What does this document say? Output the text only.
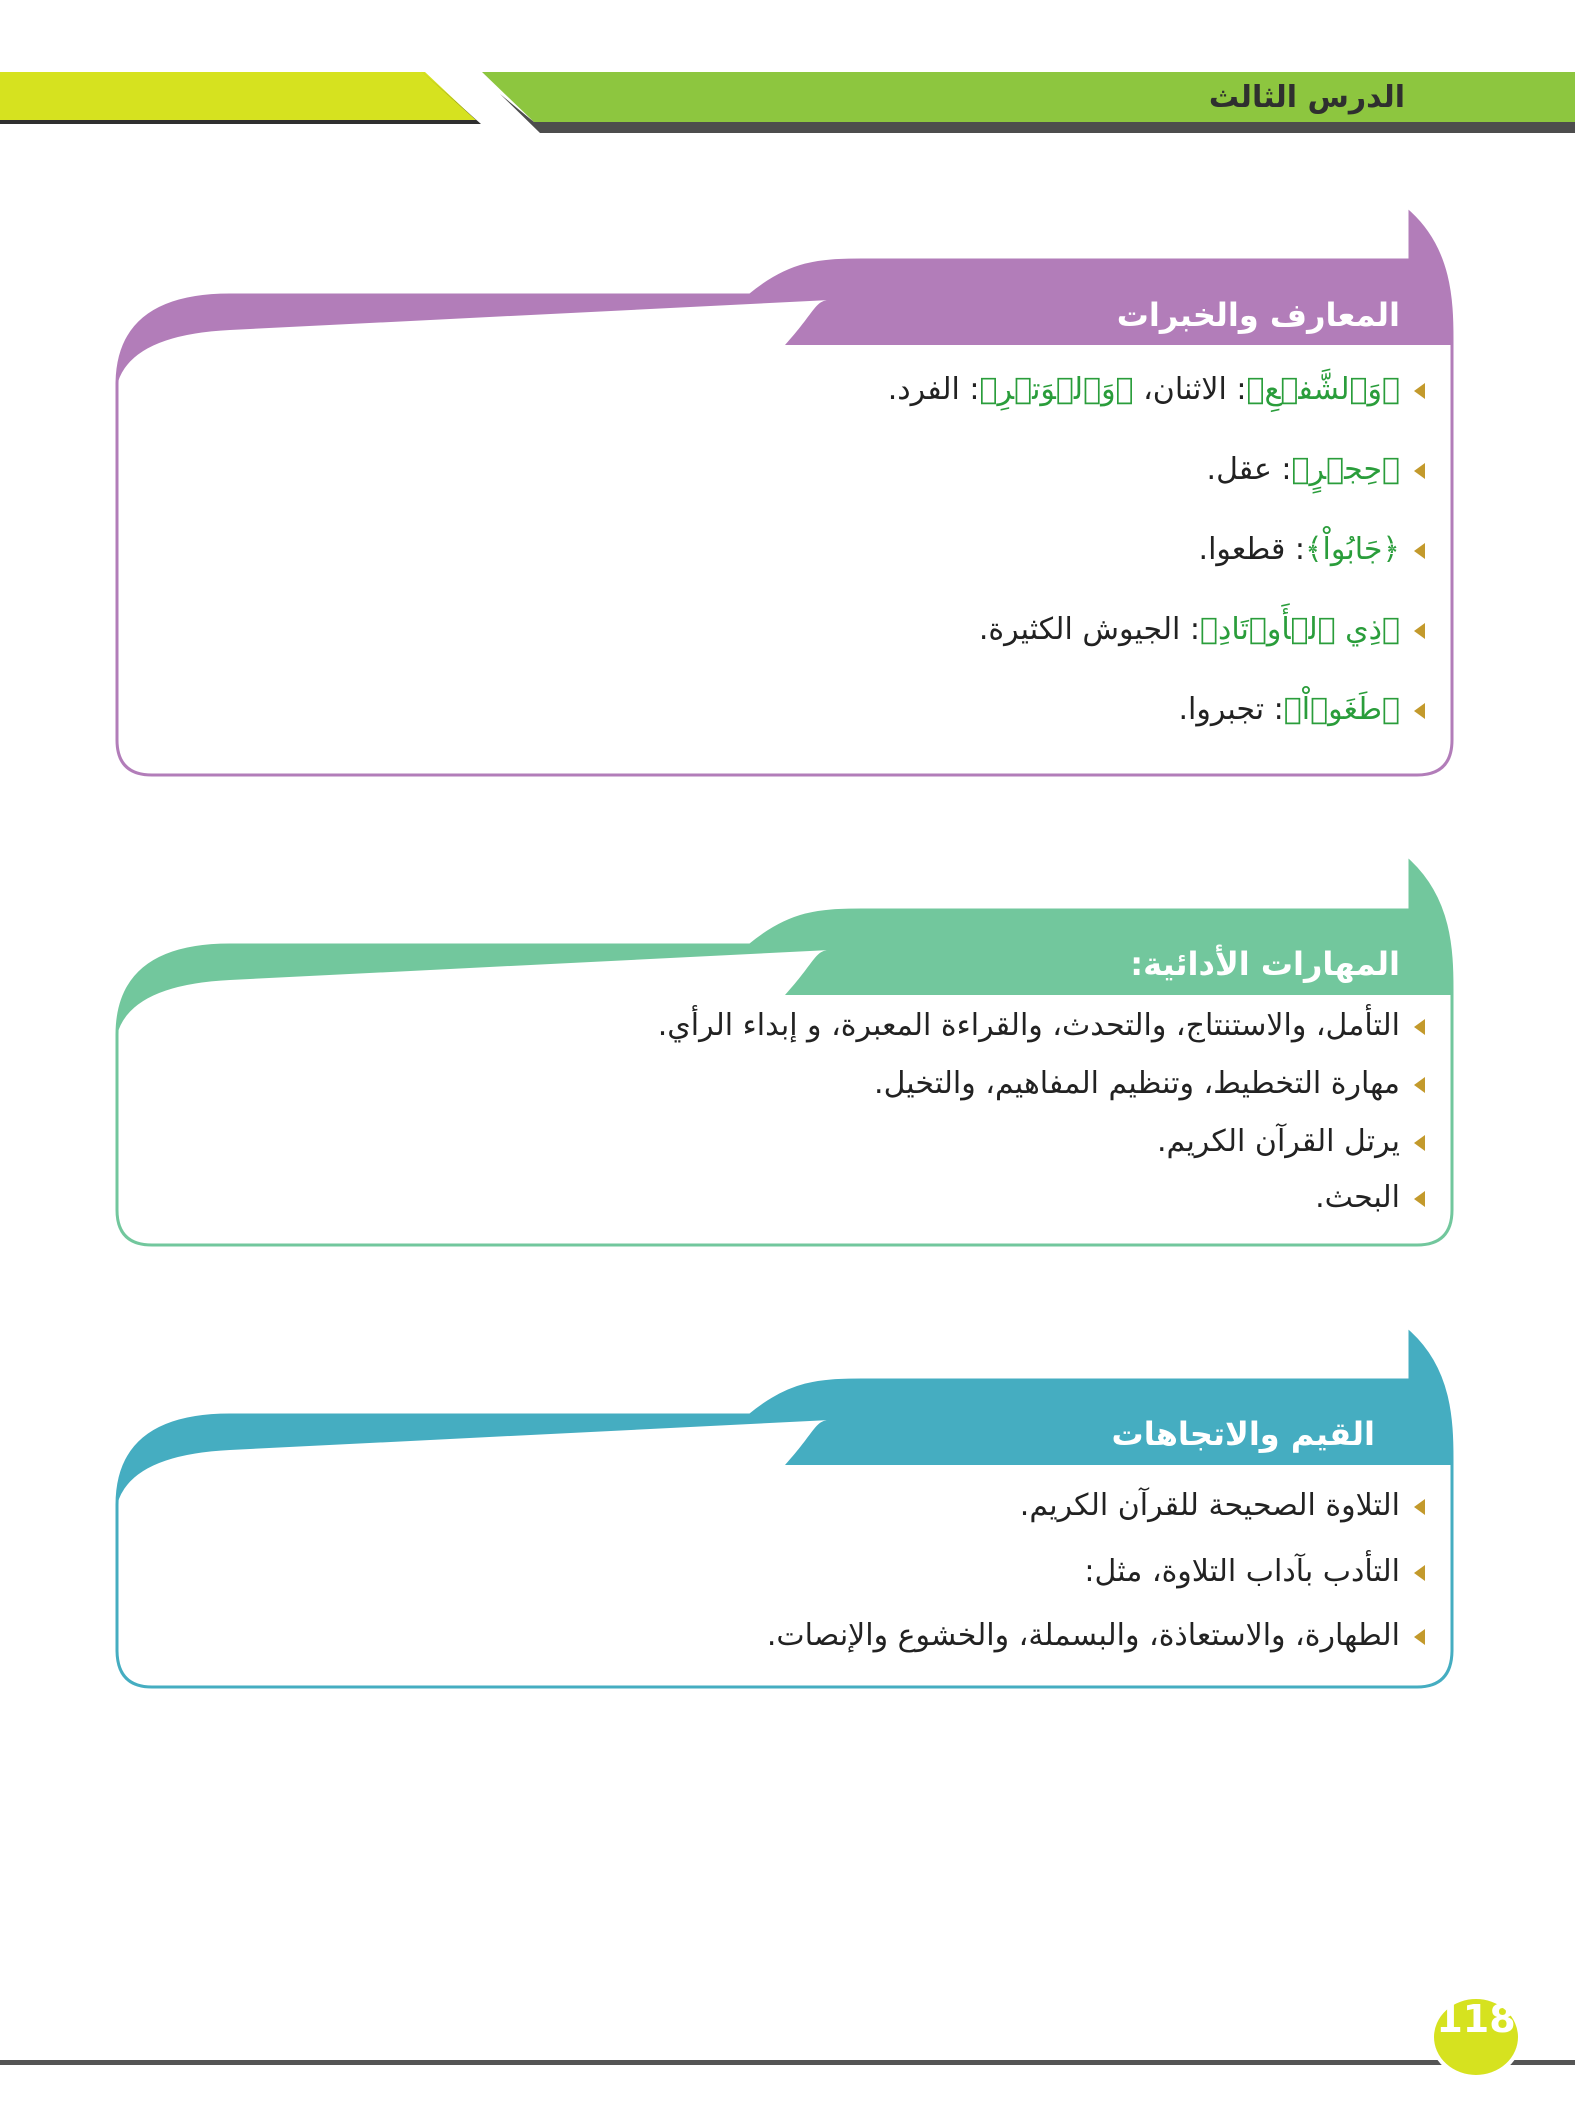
الدرس الثالث
المعارف والخبرات
﴿وَٱلشَّفۡعِ﴾: الاثنان، ﴿وَٱلۡوَتۡرِ﴾: الفرد.
﴿حِجۡرٍ﴾: عقل.
﴿جَابُواْ﴾: قطعوا.
﴿ذِي ٱلۡأَوۡتَادِ﴾: الجيوش الكثيرة.
﴿طَغَوۡاْ﴾: تجبروا.
المهارات الأدائية:
التأمل، والاستنتاج، والتحدث، والقراءة المعبرة، و إبداء الرأي.
مهارة التخطيط، وتنظيم المفاهيم، والتخيل.
يرتل القرآن الكريم.
البحث.
القيم والاتجاهات
التلاوة الصحيحة للقرآن الكريم.
التأدب بآداب التلاوة، مثل:
الطهارة، والاستعاذة، والبسملة، والخشوع والإنصات.
118
